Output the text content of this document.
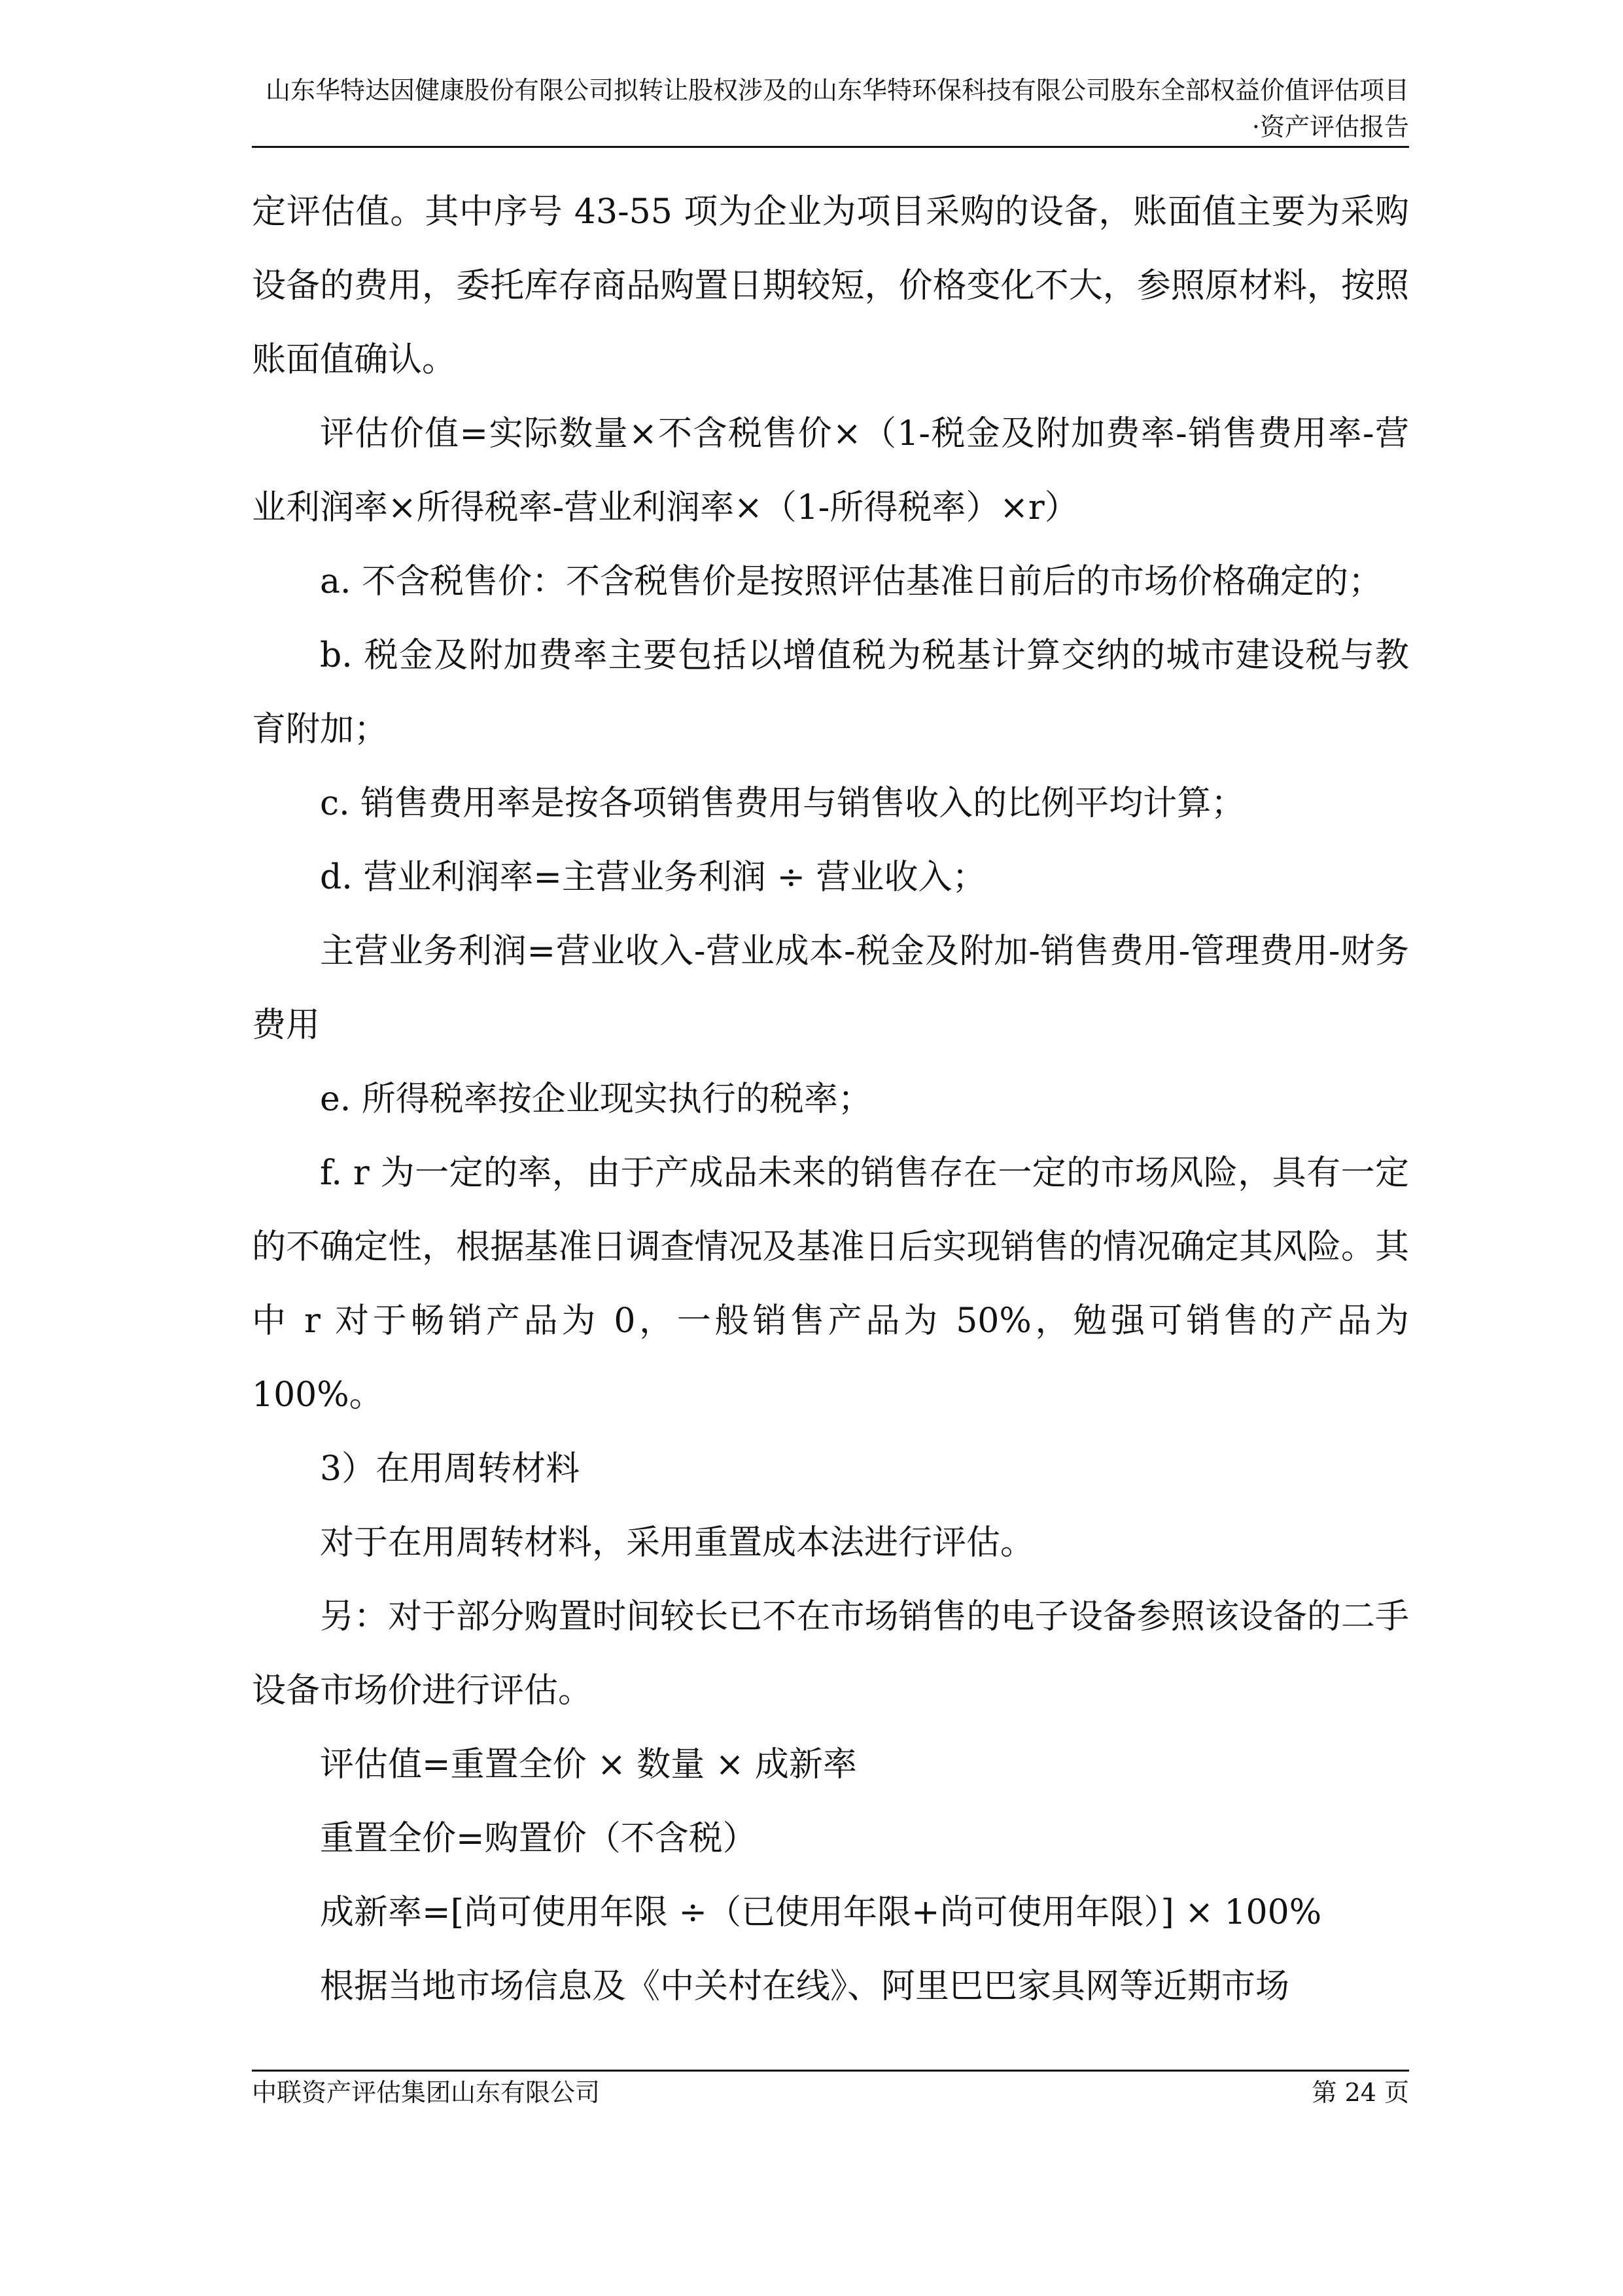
山东华特达因健康股份有限公司拟转让股权涉及的山东华特环保科技有限公司股东全部权益价值评估项目
·资产评估报告

定评估值。其中序号 43-55 项为企业为项目采购的设备，账面值主要为采购设备的费用，委托库存商品购置日期较短，价格变化不大，参照原材料，按照账面值确认。

评估价值=实际数量×不含税售价×（1-税金及附加费率-销售费用率-营业利润率×所得税率-营业利润率×（1-所得税率）×r）

a. 不含税售价：不含税售价是按照评估基准日前后的市场价格确定的；

b. 税金及附加费率主要包括以增值税为税基计算交纳的城市建设税与教育附加；

c. 销售费用率是按各项销售费用与销售收入的比例平均计算；

d. 营业利润率=主营业务利润 ÷ 营业收入；

主营业务利润=营业收入-营业成本-税金及附加-销售费用-管理费用-财务费用

e. 所得税率按企业现实执行的税率；

f. r 为一定的率，由于产成品未来的销售存在一定的市场风险，具有一定的不确定性，根据基准日调查情况及基准日后实现销售的情况确定其风险。其中 r 对于畅销产品为 0，一般销售产品为 50%，勉强可销售的产品为 100%。

3）在用周转材料

对于在用周转材料，采用重置成本法进行评估。

另：对于部分购置时间较长已不在市场销售的电子设备参照该设备的二手设备市场价进行评估。

评估值=重置全价 × 数量 × 成新率

重置全价=购置价（不含税）

成新率=[尚可使用年限 ÷（已使用年限+尚可使用年限）] × 100%

根据当地市场信息及《中关村在线》、阿里巴巴家具网等近期市场

中联资产评估集团山东有限公司	第 24 页
